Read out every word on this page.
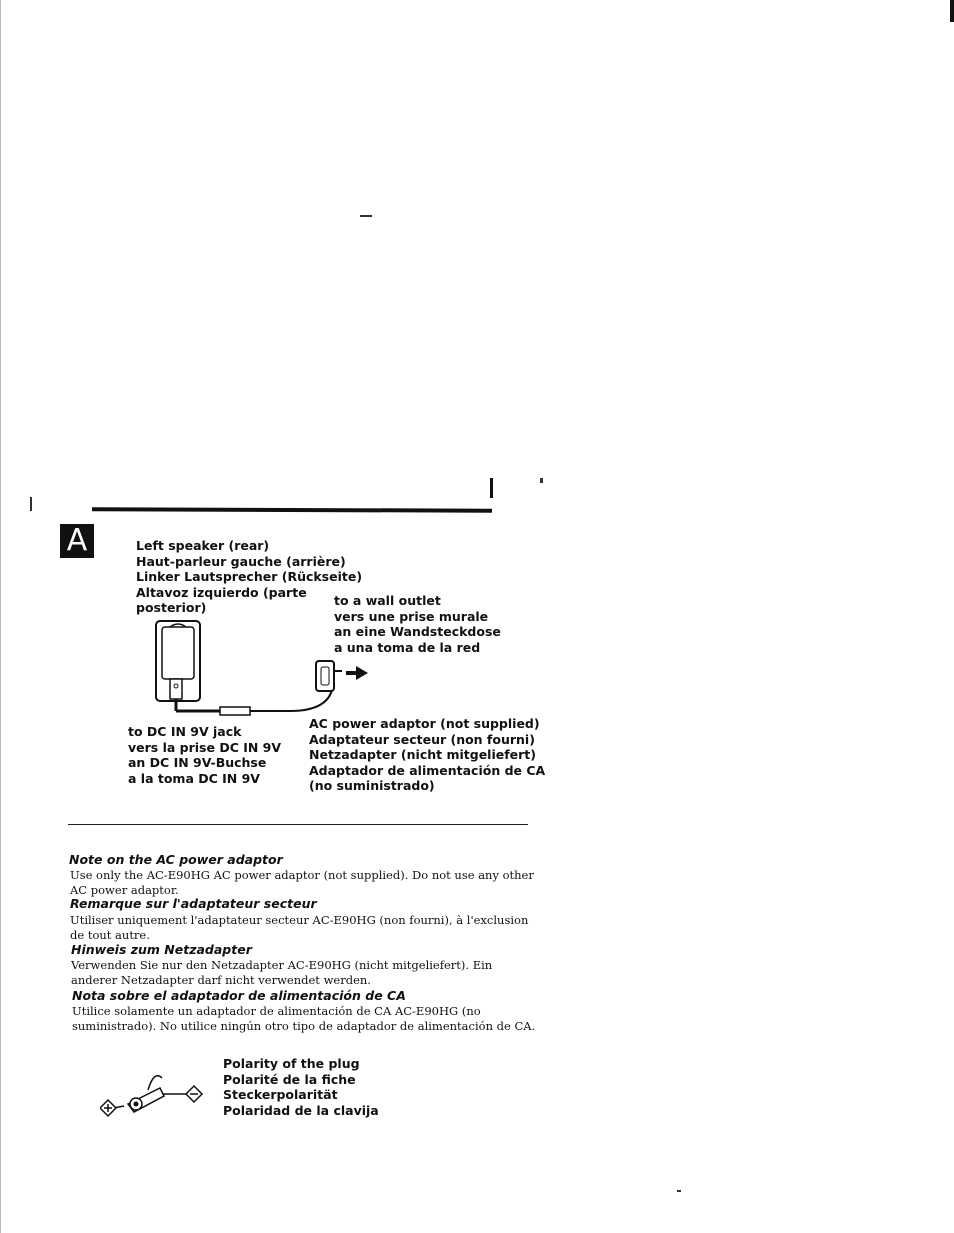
A	Left speaker (rear)
Haut-parleur gauche (arrière)
Linker Lautsprecher (Rückseite)
Altavoz izquierdo (parte
posterior)	to a wall outlet
vers une prise murale
an eine Wandsteckdose
a una toma de la red
to DC IN 9V jack
vers la prise DC IN 9V
an DC IN 9V-Buchse
a la toma DC IN 9V
AC power adaptor (not supplied)
Adaptateur secteur (non fourni)
Netzadapter (nicht mitgeliefert)
Adaptador de alimentación de CA
(no suministrado)
Note on the AC power adaptor
Use only the AC-E90HG AC power adaptor (not supplied). Do not use any other AC power adaptor.
Remarque sur l'adaptateur secteur
Utiliser uniquement l'adaptateur secteur AC-E90HG (non fourni), à l'exclusion de tout autre.
Hinweis zum Netzadapter
Verwenden Sie nur den Netzadapter AC-E90HG (nicht mitgeliefert). Ein anderer Netzadapter darf nicht verwendet werden.
Nota sobre el adaptador de alimentación de CA
Utilice solamente un adaptador de alimentación de CA AC-E90HG (no suministrado). No utilice ningún otro tipo de adaptador de alimentación de CA.
Polarity of the plug
Polarité de la fiche
Steckerpolarität
Polaridad de la clavija
